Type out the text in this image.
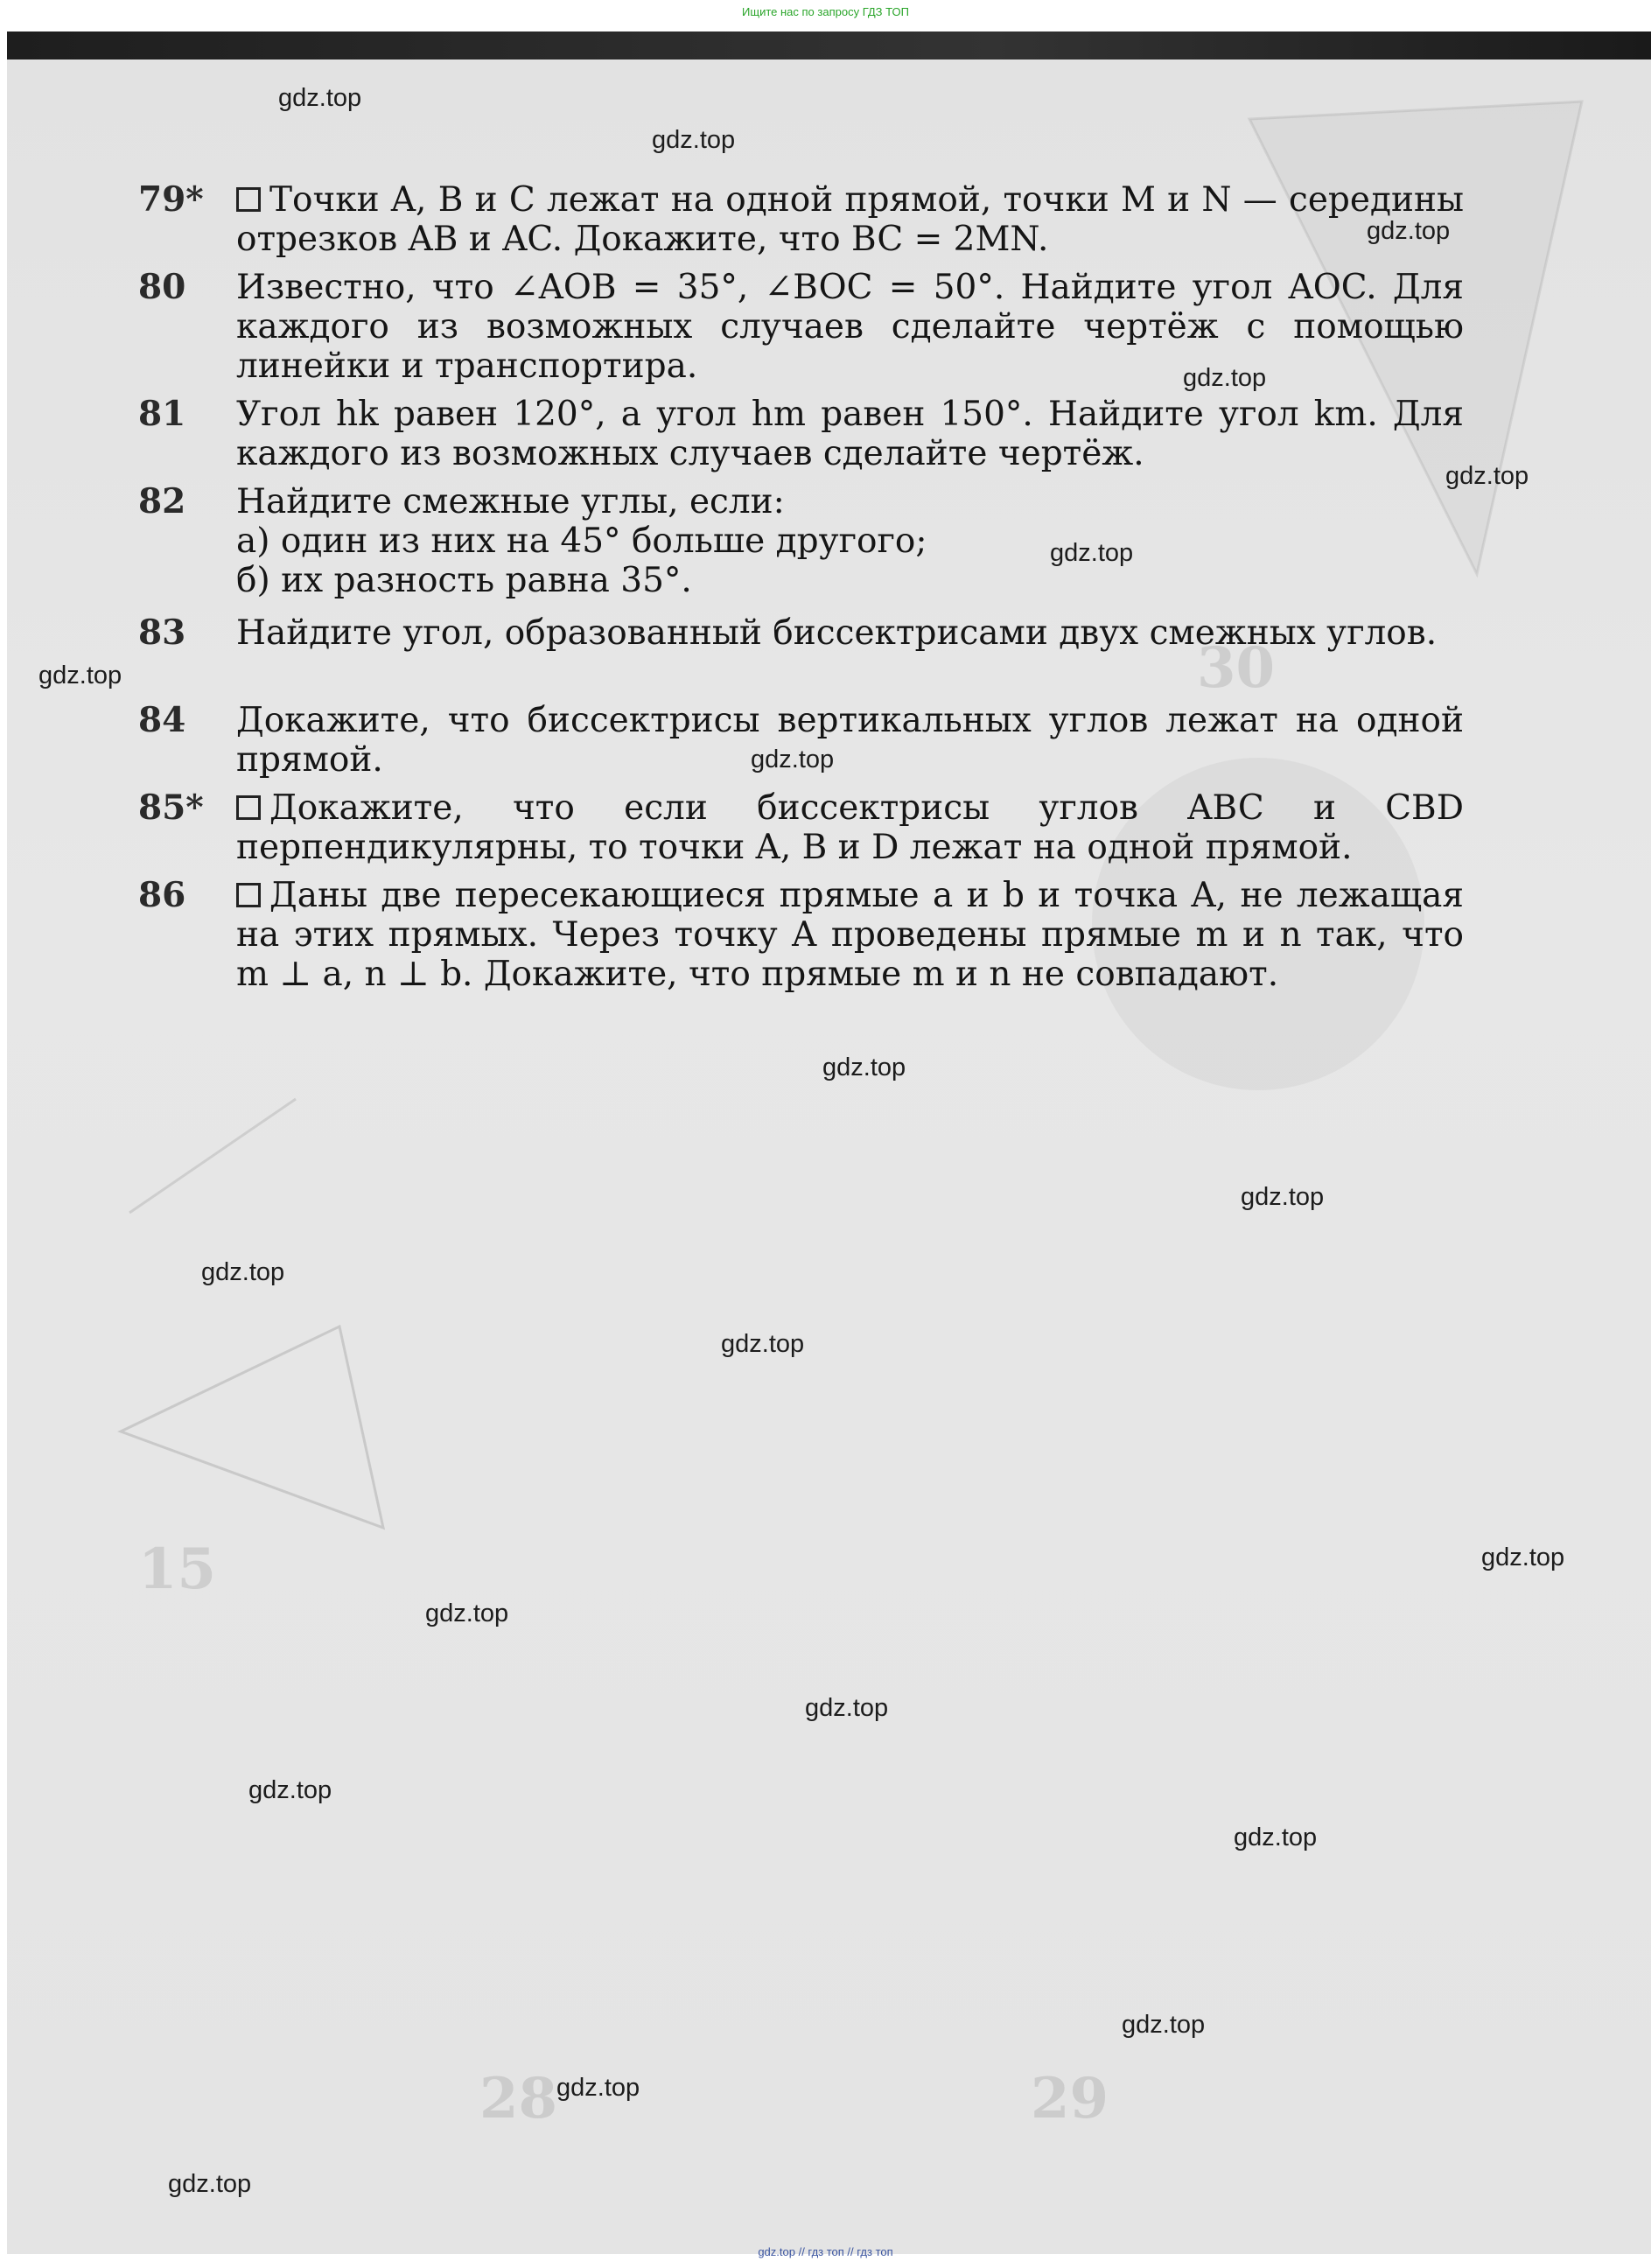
Ищите нас по запросу ГДЗ ТОП
15
28	29
30
79*	Точки A, B и C лежат на одной прямой, точки M и N — середины отрезков AB и AC. Докажите, что BC = 2MN.
80	Известно, что ∠AOB = 35°, ∠BOC = 50°. Найдите угол AOC. Для каждого из возможных случаев сделайте чертёж с помощью линейки и транспортира.
81	Угол hk равен 120°, а угол hm равен 150°. Найдите угол km. Для каждого из возможных случаев сделайте чертёж.
82	Найдите смежные углы, если:
а) один из них на 45° больше другого;
б) их разность равна 35°.
83	Найдите угол, образованный биссектрисами двух смежных углов.
84	Докажите, что биссектрисы вертикальных углов лежат на одной прямой.
85*	Докажите, что если биссектрисы углов ABC и CBD перпендикулярны, то точки A, B и D лежат на одной прямой.
86	Даны две пересекающиеся прямые a и b и точка A, не лежащая на этих прямых. Через точку A проведены прямые m и n так, что m ⊥ a, n ⊥ b. Докажите, что прямые m и n не совпадают.
gdz.top
gdz.top
gdz.top
gdz.top
gdz.top
gdz.top
gdz.top
gdz.top
gdz.top
gdz.top
gdz.top
gdz.top
gdz.top
gdz.top
gdz.top
gdz.top
gdz.top
gdz.top
gdz.top
gdz.top
gdz.top // гдз топ // гдз топ
